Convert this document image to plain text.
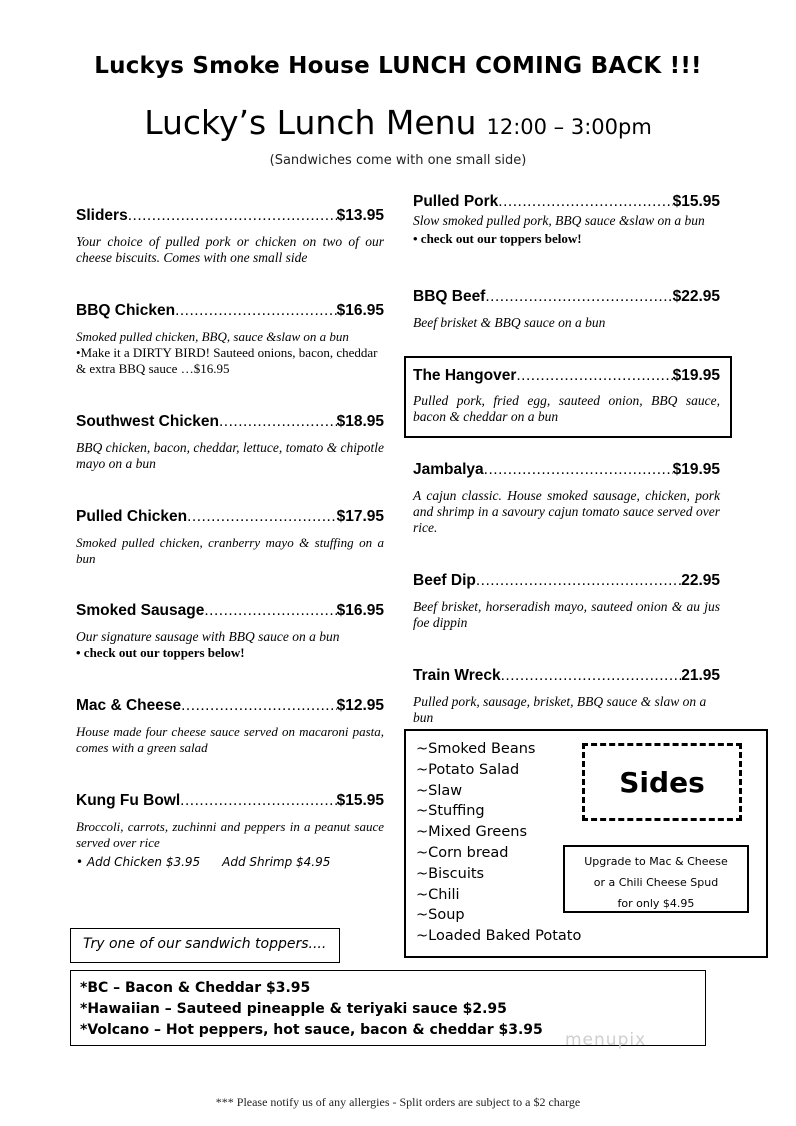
Luckys Smoke House LUNCH COMING BACK !!!
Lucky’s Lunch Menu 12:00 – 3:00pm
(Sandwiches come with one small side)
Sliders .....	$13.95
Your choice of pulled pork or chicken on two of our cheese biscuits. Comes with one small side
BBQ Chicken .....	$16.95
Smoked pulled chicken, BBQ, sauce &slaw on a bun
•Make it a DIRTY BIRD! Sauteed onions, bacon, cheddar & extra BBQ sauce …$16.95
Southwest Chicken .....	$18.95
BBQ chicken, bacon, cheddar, lettuce, tomato & chipotle mayo on a bun
Pulled Chicken .....	$17.95
Smoked pulled chicken, cranberry mayo & stuffing on a bun
Smoked Sausage .....	$16.95
Our signature sausage with BBQ sauce on a bun
• check out our toppers below!
Mac & Cheese .....	$12.95
House made four cheese sauce served on macaroni pasta, comes with a green salad
Kung Fu Bowl .....	$15.95
Broccoli, carrots, zuchinni and peppers in a peanut sauce served over rice
• Add Chicken $3.95 Add Shrimp $4.95
Pulled Pork .....	$15.95
Slow smoked pulled pork, BBQ sauce &slaw on a bun
• check out our toppers below!
BBQ Beef .....	$22.95
Beef brisket & BBQ sauce on a bun
The Hangover .....	$19.95
Pulled pork, fried egg, sauteed onion, BBQ sauce, bacon & cheddar on a bun
Jambalya .....	$19.95
A cajun classic. House smoked sausage, chicken, pork and shrimp in a savoury cajun tomato sauce served over rice.
Beef Dip .....	22.95
Beef brisket, horseradish mayo, sauteed onion & au jus foe dippin
Train Wreck .....	21.95
Pulled pork, sausage, brisket, BBQ sauce & slaw on a bun
~Smoked Beans
~Potato Salad
~Slaw
~Stuffing
~Mixed Greens
~Corn bread
~Biscuits
~Chili
~Soup
~Loaded Baked Potato
Sides
Upgrade to Mac & Cheese
or a Chili Cheese Spud
for only $4.95
Try one of our sandwich toppers....
*BC – Bacon & Cheddar $3.95
*Hawaiian – Sauteed pineapple & teriyaki sauce $2.95
*Volcano – Hot peppers, hot sauce, bacon & cheddar $3.95	menupix
*** Please notify us of any allergies - Split orders are subject to a $2 charge
